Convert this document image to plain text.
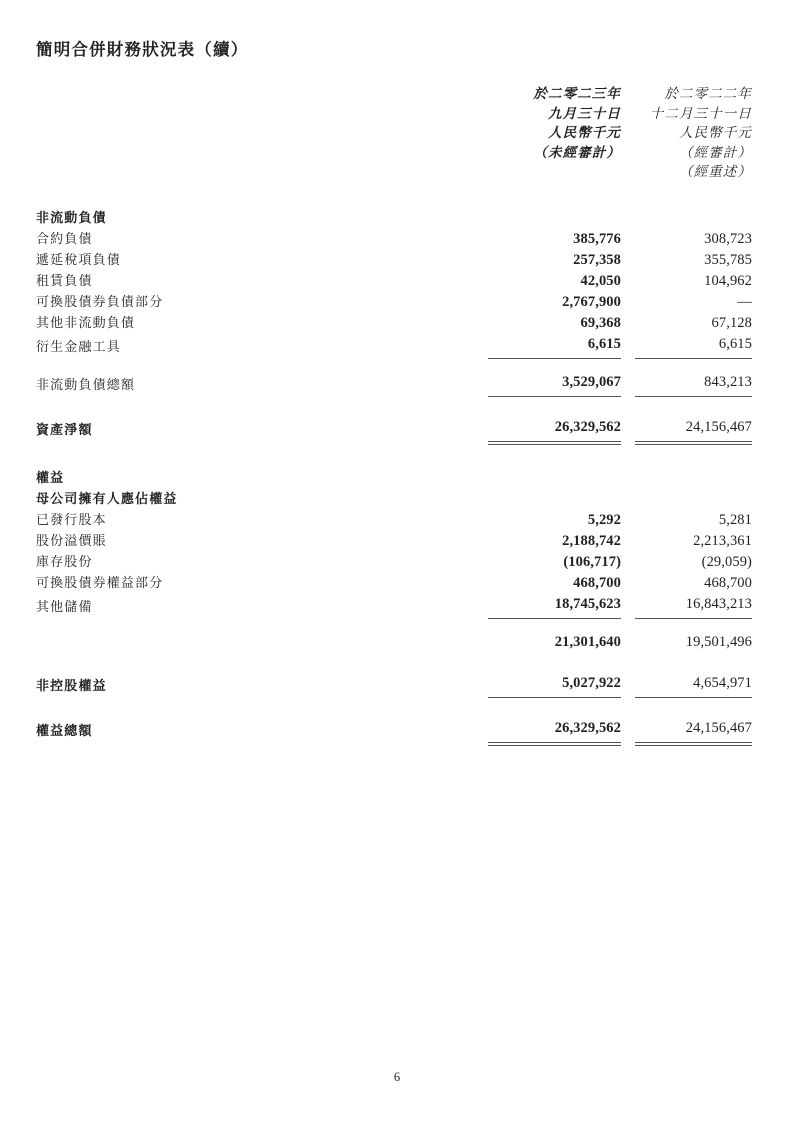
簡明合併財務狀況表（續）
	於二零二三年		於二零二二年
	九月三十日		十二月三十一日
	人民幣千元		人民幣千元
	（未經審計）		（經審計）
			（經重述）

非流動負債			
合約負債	385,776		308,723
遞延稅項負債	257,358		355,785
租賃負債	42,050		104,962
可換股債券負債部分	2,767,900		—
其他非流動負債	69,368		67,128
衍生金融工具	6,615		6,615

非流動負債總額	3,529,067		843,213

資產淨額	26,329,562		24,156,467

權益			
母公司擁有人應佔權益			
已發行股本	5,292		5,281
股份溢價賬	2,188,742		2,213,361
庫存股份	(106,717)		(29,059)
可換股債券權益部分	468,700		468,700
其他儲備	18,745,623		16,843,213

	21,301,640		19,501,496

非控股權益	5,027,922		4,654,971

權益總額	26,329,562		24,156,467
6
